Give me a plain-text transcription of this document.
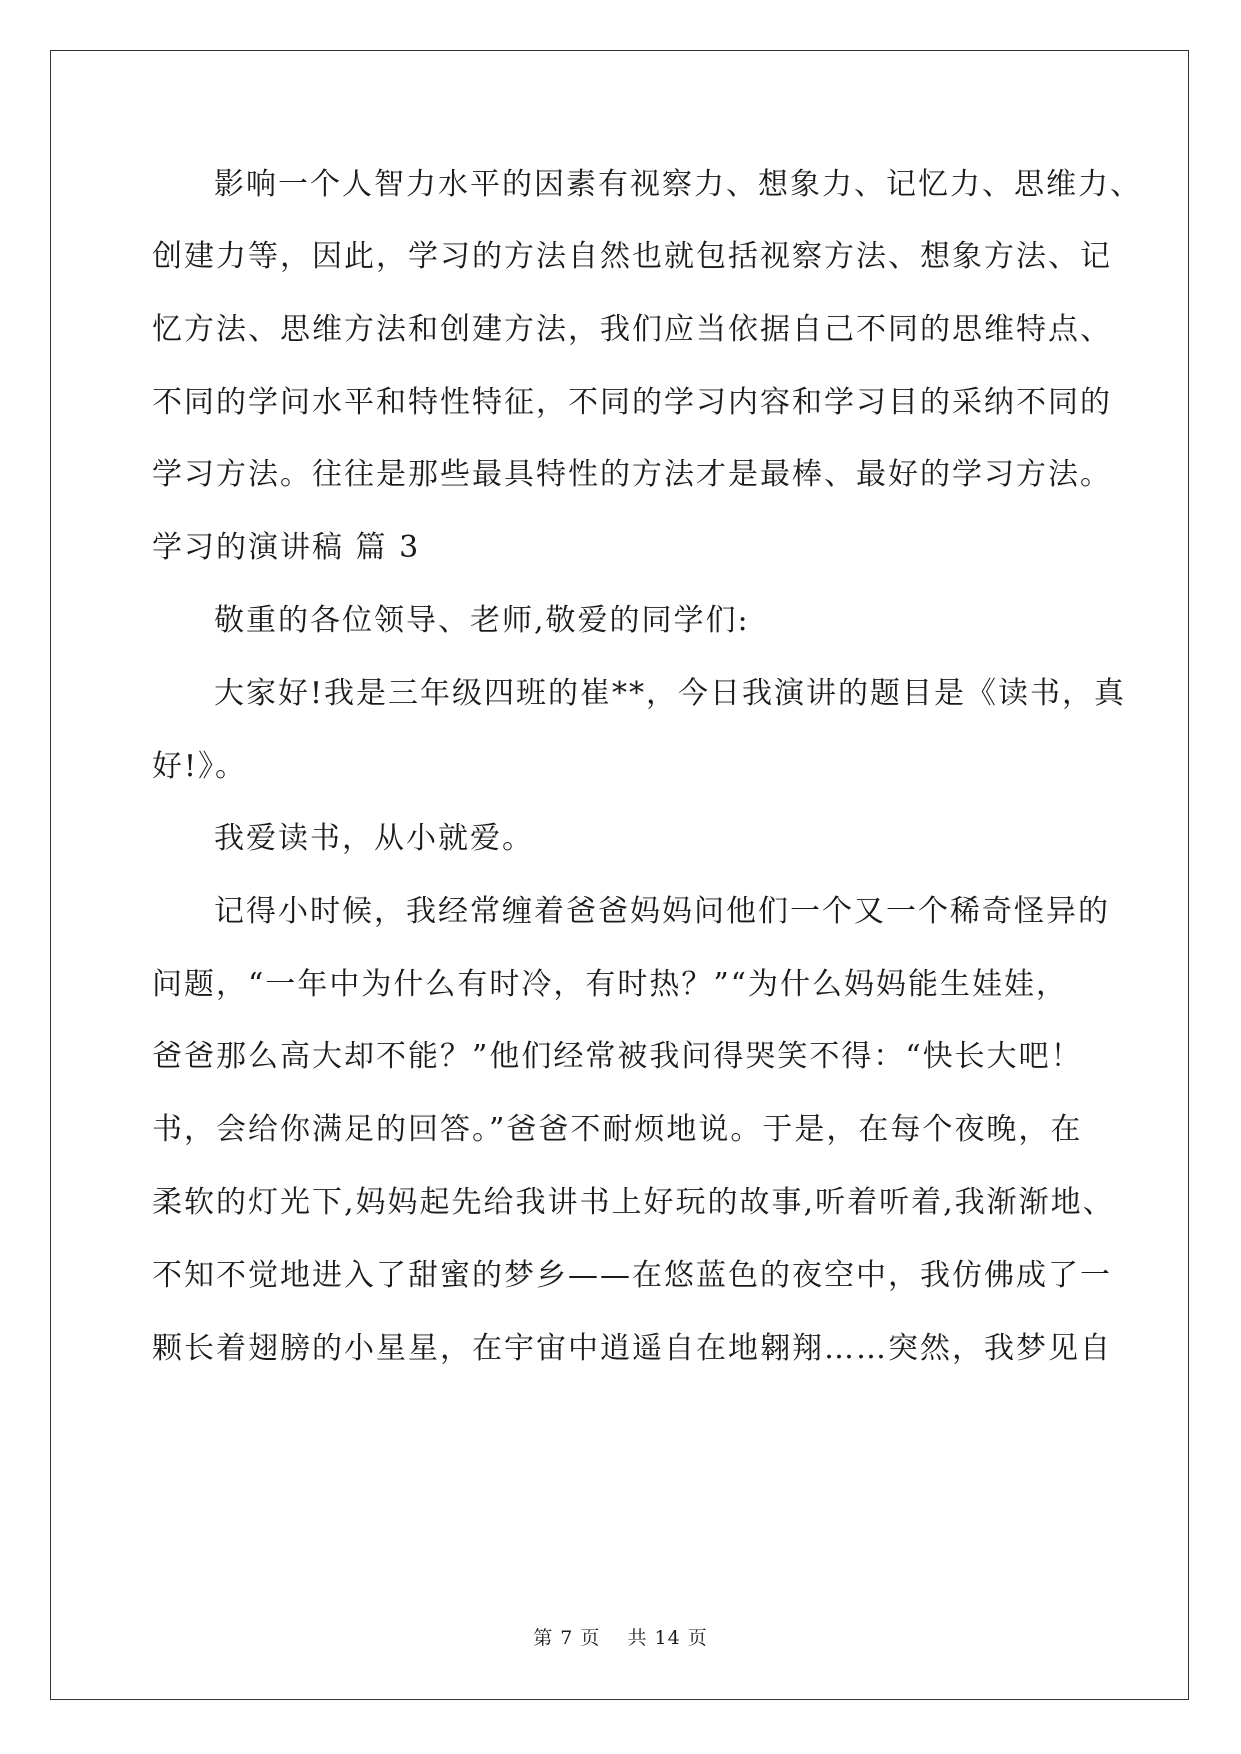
影响一个人智力水平的因素有视察力、想象力、记忆力、思维力、
创建力等，因此，学习的方法自然也就包括视察方法、想象方法、记
忆方法、思维方法和创建方法，我们应当依据自己不同的思维特点、
不同的学问水平和特性特征，不同的学习内容和学习目的采纳不同的
学习方法。往往是那些最具特性的方法才是最棒、最好的学习方法。
学习的演讲稿 篇 3
敬重的各位领导、老师,敬爱的同学们:
大家好!我是三年级四班的崔**，今日我演讲的题目是《读书，真
好!》。
我爱读书，从小就爱。
记得小时候，我经常缠着爸爸妈妈问他们一个又一个稀奇怪异的
问题，“一年中为什么有时冷，有时热？”“为什么妈妈能生娃娃，
爸爸那么高大却不能？”他们经常被我问得哭笑不得：“快长大吧！
书，会给你满足的回答。”爸爸不耐烦地说。于是，在每个夜晚，在
柔软的灯光下,妈妈起先给我讲书上好玩的故事,听着听着,我渐渐地、
不知不觉地进入了甜蜜的梦乡——在悠蓝色的夜空中，我仿佛成了一
颗长着翅膀的小星星，在宇宙中逍遥自在地翱翔……突然，我梦见自
第 7 页　 共 14 页
